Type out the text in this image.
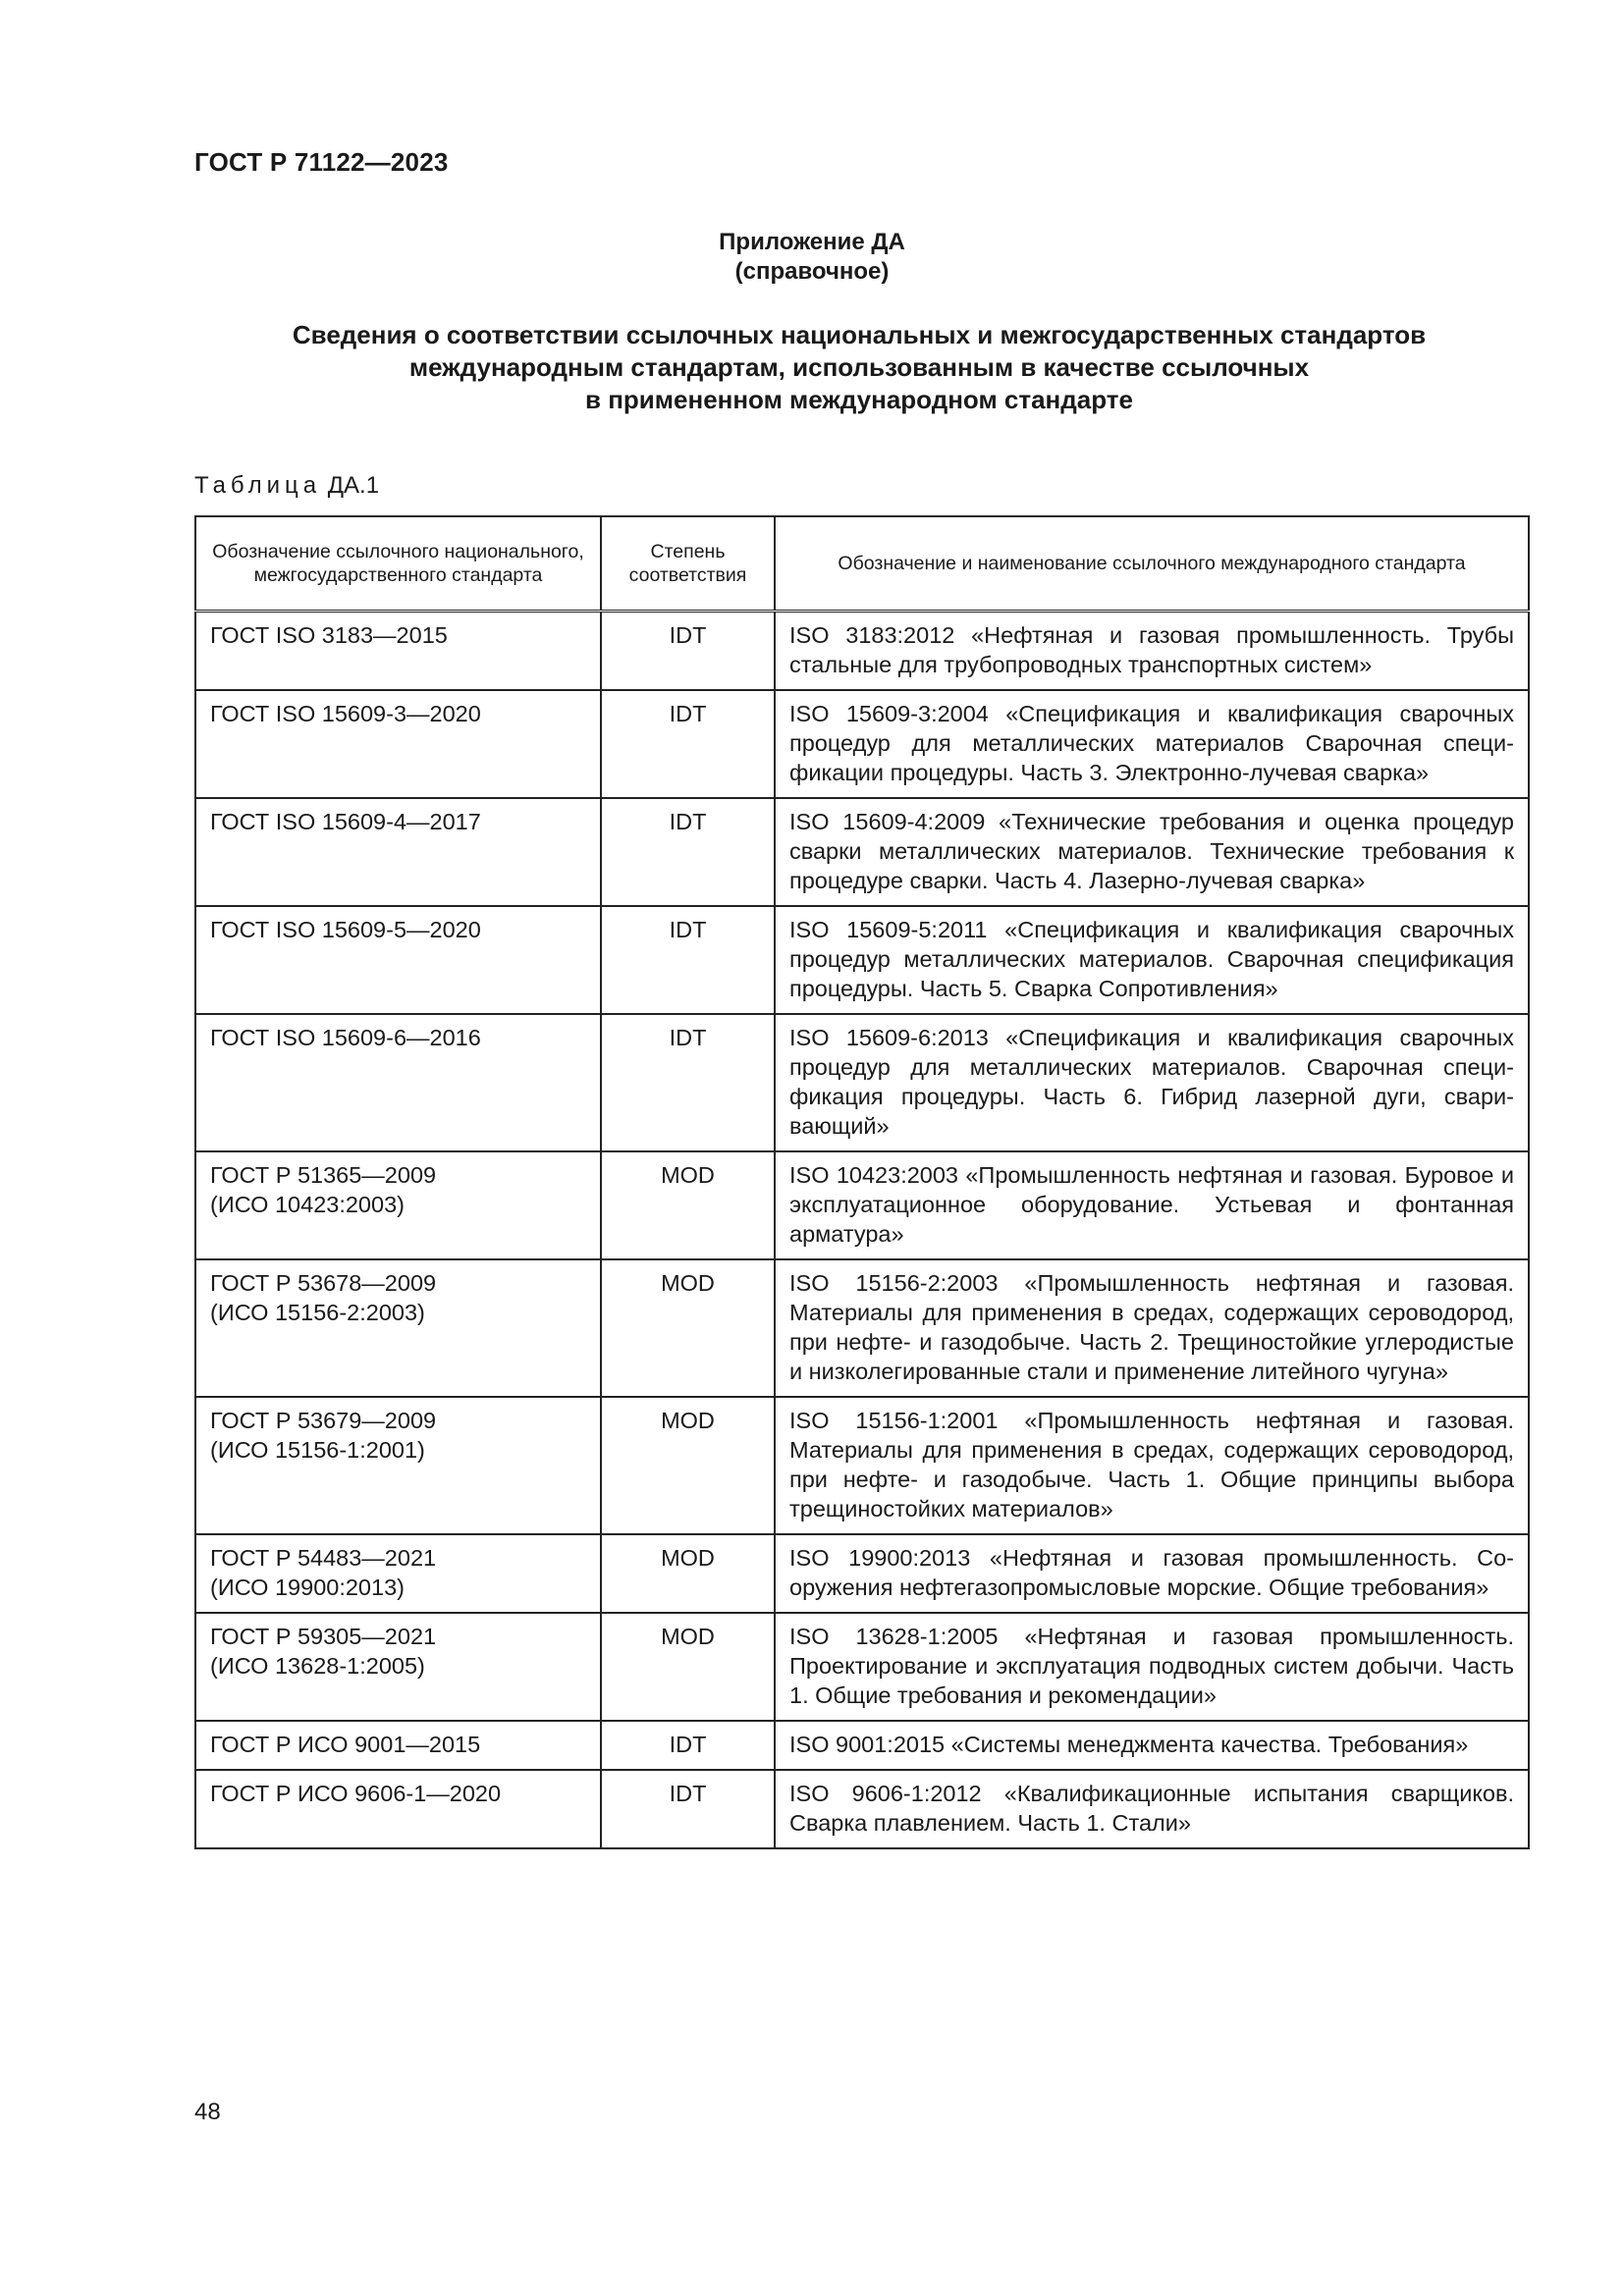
ГОСТ Р 71122—2023
Приложение ДА
(справочное)
Сведения о соответствии ссылочных национальных и межгосударственных стандартов
международным стандартам, использованным в качестве ссылочных
в примененном международном стандарте
Таблица ДА.1
Обозначение ссылочного национального, межгосударственного стандарта	Степень соответствия	Обозначение и наименование ссылочного международного стандарта

ГОСТ ISO 3183—2015	IDT	ISO 3183:2012 «Нефтяная и газовая промышленность. Трубы стальные для трубопроводных транспортных систем»

ГОСТ ISO 15609-3—2020	IDT	ISO 15609-3:2004 «Спецификация и квалификация сварочных процедур для металлических материалов Сварочная спецификации процедуры. Часть 3. Электронно-лучевая сварка»

ГОСТ ISO 15609-4—2017	IDT	ISO 15609-4:2009 «Технические требования и оценка процедур сварки металлических материалов. Технические требования к процедуре сварки. Часть 4. Лазерно-лучевая сварка»

ГОСТ ISO 15609-5—2020	IDT	ISO 15609-5:2011 «Спецификация и квалификация сварочных процедур металлических материалов. Сварочная спецификация процедуры. Часть 5. Сварка Сопротивления»

ГОСТ ISO 15609-6—2016	IDT	ISO 15609-6:2013 «Спецификация и квалификация сварочных процедур для металлических материалов. Сварочная спецификация процедуры. Часть 6. Гибрид лазерной дуги, сваривающий»

ГОСТ Р 51365—2009
(ИСО 10423:2003)	MOD	ISO 10423:2003 «Промышленность нефтяная и газовая. Буровое и эксплуатационное оборудование. Устьевая и фонтанная арматура»

ГОСТ Р 53678—2009
(ИСО 15156-2:2003)	MOD	ISO 15156-2:2003 «Промышленность нефтяная и газовая. Материалы для применения в средах, содержащих сероводород, при нефте- и газодобыче. Часть 2. Трещиностойкие углеродистые и низколегированные стали и применение литейного чугуна»

ГОСТ Р 53679—2009
(ИСО 15156-1:2001)	MOD	ISO 15156-1:2001 «Промышленность нефтяная и газовая. Материалы для применения в средах, содержащих сероводород, при нефте- и газодобыче. Часть 1. Общие принципы выбора трещиностойких материалов»

ГОСТ Р 54483—2021
(ИСО 19900:2013)	MOD	ISO 19900:2013 «Нефтяная и газовая промышленность. Сооружения нефтегазопромысловые морские. Общие требования»

ГОСТ Р 59305—2021
(ИСО 13628-1:2005)	MOD	ISO 13628-1:2005 «Нефтяная и газовая промышленность. Проектирование и эксплуатация подводных систем добычи. Часть 1. Общие требования и рекомендации»

ГОСТ Р ИСО 9001—2015	IDT	ISO 9001:2015 «Системы менеджмента качества. Требования»

ГОСТ Р ИСО 9606-1—2020	IDT	ISO 9606-1:2012 «Квалификационные испытания сварщиков. Сварка плавлением. Часть 1. Стали»
48
